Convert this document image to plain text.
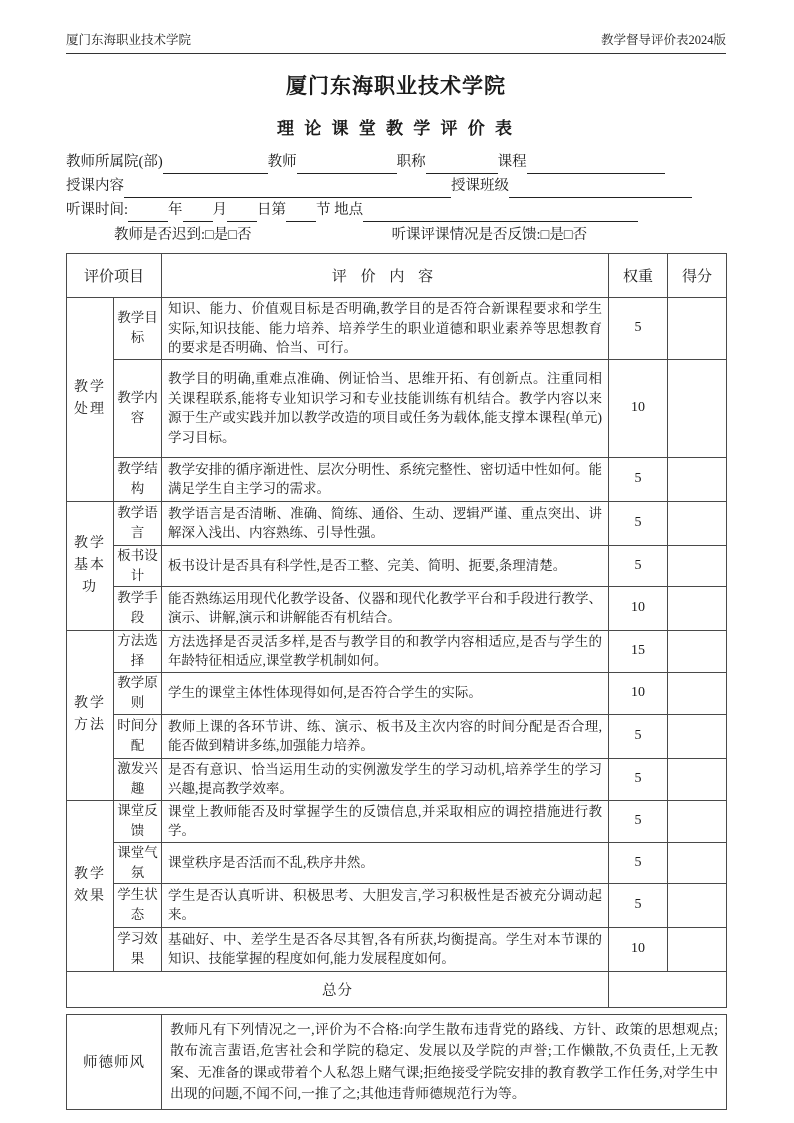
厦门东海职业技术学院	教学督导评价表2024版
厦门东海职业技术学院
理 论 课 堂 教 学 评 价 表
教师所属院(部)	教师	职称	课程
授课内容	授课班级
听课时间:	年 月 日第 节 地点
教师是否迟到:□是□否	听课评课情况是否反馈:□是□否
评价项目		评 价 内 容	权重	得分
教学处理	教学目标	知识、能力、价值观目标是否明确,教学目的是否符合新课程要求和学生实际,知识技能、能力培养、培养学生的职业道德和职业素养等思想教育的要求是否明确、恰当、可行。	5	
	教学内容	教学目的明确,重难点准确、例证恰当、思维开拓、有创新点。注重同相关课程联系,能将专业知识学习和专业技能训练有机结合。教学内容以来源于生产或实践并加以教学改造的项目或任务为载体,能支撑本课程(单元)学习目标。	10	
	教学结构	教学安排的循序渐进性、层次分明性、系统完整性、密切适中性如何。能满足学生自主学习的需求。	5	
教学基本功	教学语言	教学语言是否清晰、准确、简练、通俗、生动、逻辑严谨、重点突出、讲解深入浅出、内容熟练、引导性强。	5	
	板书设计	板书设计是否具有科学性,是否工整、完美、简明、扼要,条理清楚。	5	
	教学手段	能否熟练运用现代化教学设备、仪器和现代化教学平台和手段进行教学、演示、讲解,演示和讲解能否有机结合。	10	
教学方法	方法选择	方法选择是否灵活多样,是否与教学目的和教学内容相适应,是否与学生的年龄特征相适应,课堂教学机制如何。	15	
	教学原则	学生的课堂主体性体现得如何,是否符合学生的实际。	10	
	时间分配	教师上课的各环节讲、练、演示、板书及主次内容的时间分配是否合理,能否做到精讲多练,加强能力培养。	5	
	激发兴趣	是否有意识、恰当运用生动的实例激发学生的学习动机,培养学生的学习兴趣,提高教学效率。	5	
教学效果	课堂反馈	课堂上教师能否及时掌握学生的反馈信息,并采取相应的调控措施进行教学。	5	
	课堂气氛	课堂秩序是否活而不乱,秩序井然。	5	
	学生状态	学生是否认真听讲、积极思考、大胆发言,学习积极性是否被充分调动起来。	5	
	学习效果	基础好、中、差学生是否各尽其智,各有所获,均衡提高。学生对本节课的知识、技能掌握的程度如何,能力发展程度如何。	10	
总分				
师德师风	教师凡有下列情况之一,评价为不合格:向学生散布违背党的路线、方针、政策的思想观点;散布流言蜚语,危害社会和学院的稳定、发展以及学院的声誉;工作懒散,不负责任,上无教案、无准备的课或带着个人私怨上赌气课;拒绝接受学院安排的教育教学工作任务,对学生中出现的问题,不闻不问,一推了之;其他违背师德规范行为等。
